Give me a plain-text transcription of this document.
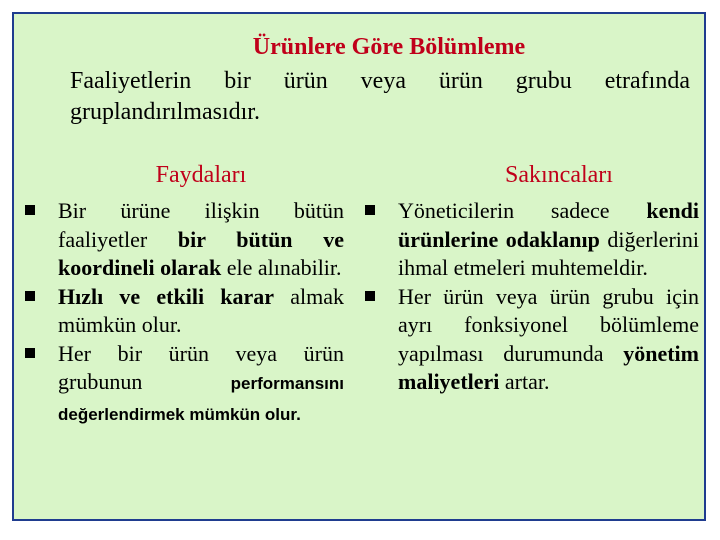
Ürünlere Göre Bölümleme
Faaliyetlerin bir ürün veya ürün grubu etrafında gruplandırılmasıdır.
Faydaları	Sakıncaları
Bir ürüne ilişkin bütün faaliyetler bir bütün ve koordineli olarak ele alınabilir.
Hızlı ve etkili karar almak mümkün olur.
Her bir ürün veya ürün grubunun performansını değerlendirmek mümkün olur.
Yöneticilerin sadece kendi ürünlerine odaklanıp diğerlerini ihmal etmeleri muhtemeldir.
Her ürün veya ürün grubu için ayrı fonksiyonel bölümleme yapılması durumunda yönetim maliyetleri artar.
